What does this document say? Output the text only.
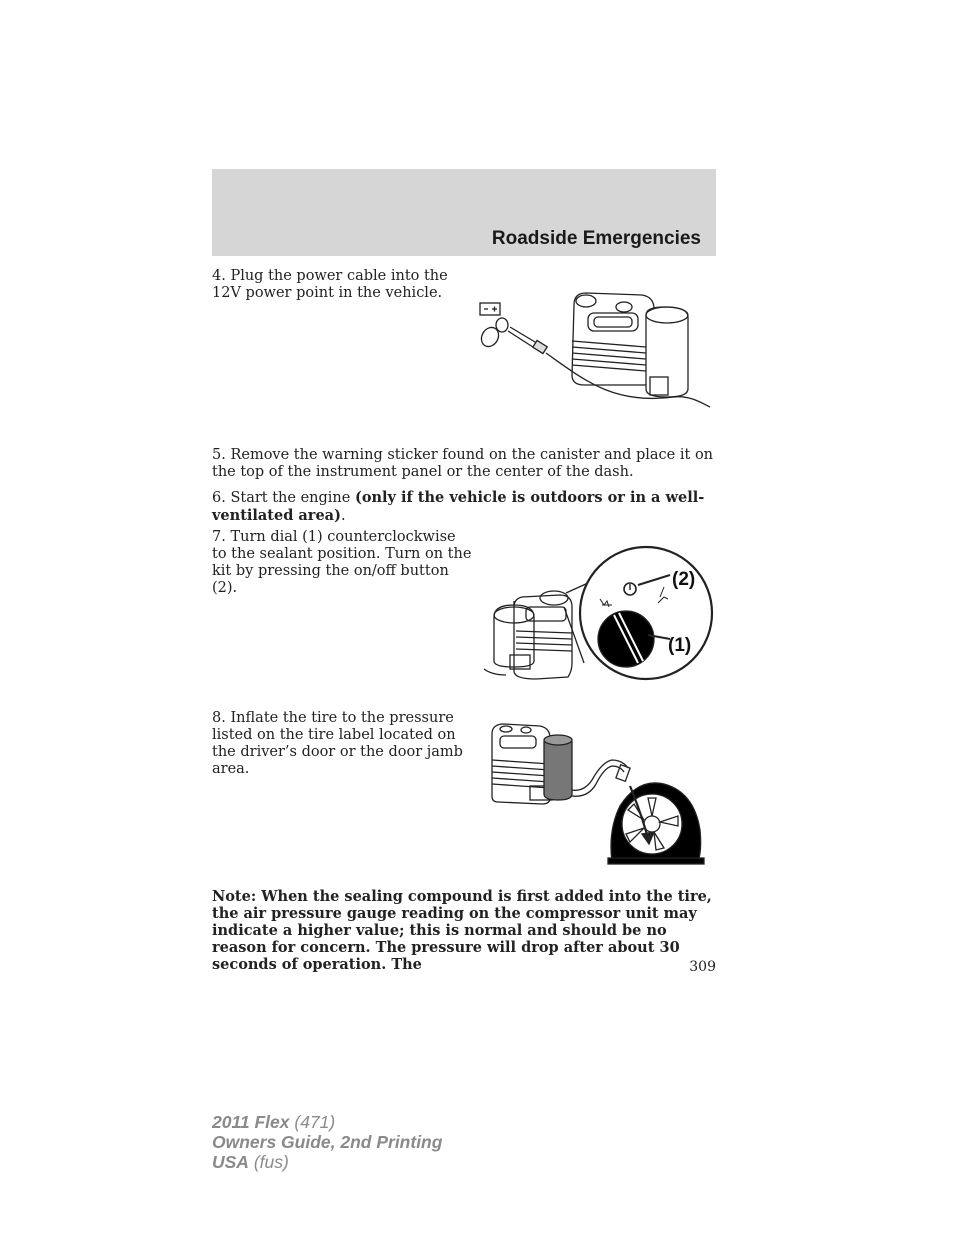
Roadside Emergencies

4. Plug the power cable into the 12V power point in the vehicle.

5. Remove the warning sticker found on the canister and place it on the top of the instrument panel or the center of the dash.

6. Start the engine (only if the vehicle is outdoors or in a well-ventilated area).

7. Turn dial (1) counterclockwise to the sealant position. Turn on the kit by pressing the on/off button (2).	(2)
(1)

8. Inflate the tire to the pressure listed on the tire label located on the driver’s door or the door jamb area.

Note: When the sealing compound is first added into the tire, the air pressure gauge reading on the compressor unit may indicate a higher value; this is normal and should be no reason for concern. The pressure will drop after about 30 seconds of operation. The	309
2011 Flex (471)
Owners Guide, 2nd Printing
USA (fus)
